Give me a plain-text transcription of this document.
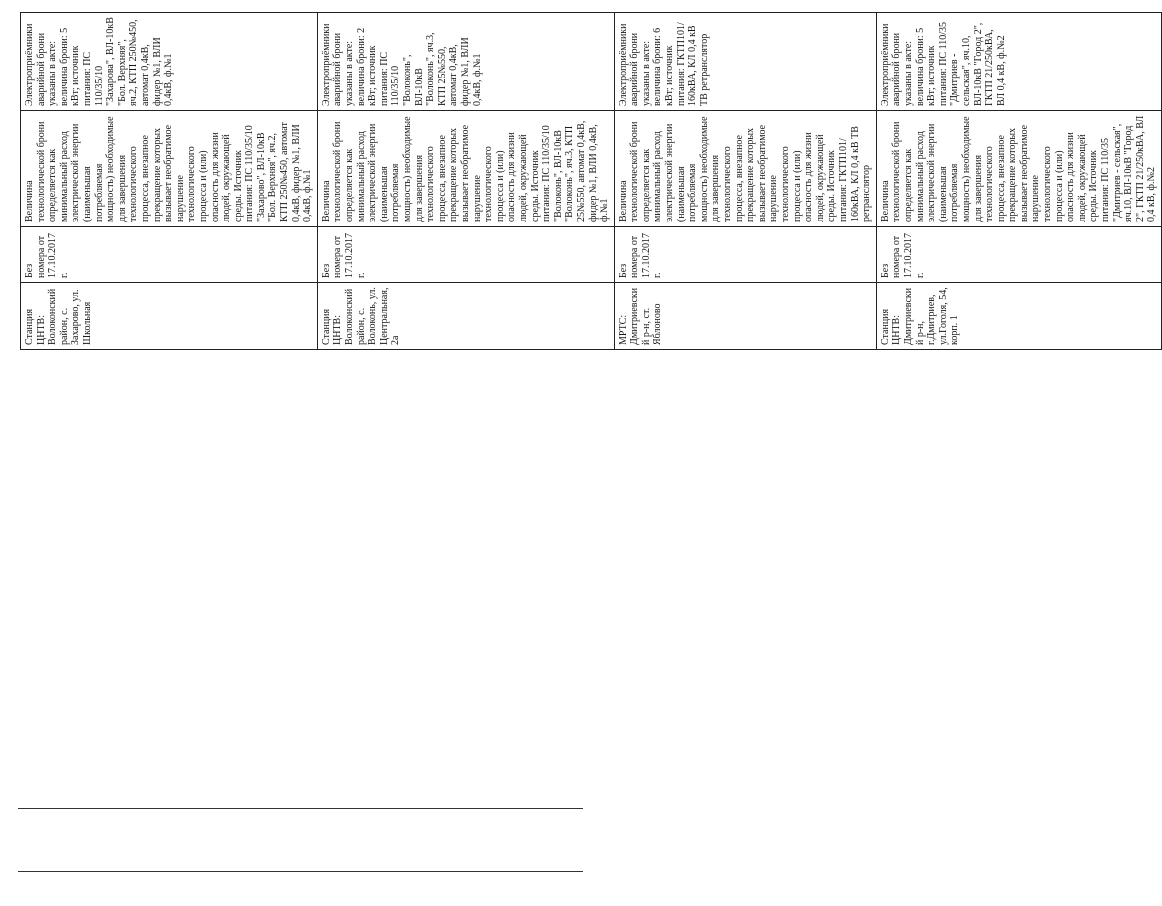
Станция ЦНТВ: Волоконский район, с. Захарово, ул. Школьная	Без номера от 17.10.2017г.	Величина технологической брони определяется как минимальный расход электрической энергии (наименьшая потребляемая мощность) необходимые для завершения технологического процесса, внезапное прекращение которых вызывает необратимое нарушение технологического процесса и (или) опасность для жизни людей, окружающей среды. Источник питания: ПС 110/35/10 "Захарово", ВЛ-10кВ "Бол. Верхняя", яч.2, КТП 250№450, автомат 0,4кВ, фидер №1, ВЛИ 0,4кВ, ф.№1	Электроприёмники аварийной брони указаны в акте: величина брони: 5 кВт; источник питания: ПС 110/35/10 "Захарова", ВЛ-10кВ "Бол. Верхняя", яч.2, КТП 250№450, автомат 0,4кВ, фидер №1, ВЛИ 0,4кВ, ф.№1
Станция ЦНТВ: Волоконский район, с. Волоконь, ул. Центральная, 2а	Без номера от 17.10.2017г.	Величина технологической брони определяется как минимальный расход электрической энергии (наименьшая потребляемая мощность) необходимые для завершения технологического процесса, внезапное прекращение которых вызывает необратимое нарушение технологического процесса и (или) опасность для жизни людей, окружающей среды. Источник питания: ПС 110/35/10 "Волоконь", ВЛ-10кВ "Волоконь", яч.3, КТП 25№550, автомат 0,4кВ, фидер №1, ВЛИ 0,4кВ, ф.№1	Электроприёмники аварийной брони указаны в акте: величина брони: 2 кВт; источник питания: ПС 110/35/10 "Волоконь", ВЛ-10кВ "Волоконь", яч.3, КТП 25№550, автомат 0,4кВ, фидер №1, ВЛИ 0,4кВ, ф.№1
МРТС: Дмитриевский р-н, ст. Яблоново	Без номера от 17.10.2017г.	Величина технологической брони определяется как минимальный расход электрической энергии (наименьшая потребляемая мощность) необходимые для завершения технологического процесса, внезапное прекращение которых вызывает необратимое нарушение технологического процесса и (или) опасность для жизни людей, окружающей среды. Источник питания: ГКТП101/ 160кВА, КЛ 0,4 кВ ТВ ретранслятор	Электроприёмники аварийной брони указаны в акте: величина брони: 6 кВт; источник питания: ГКТП101/ 160кВА, КЛ 0,4 кВ ТВ ретранслятор
Станция ЦНТВ: Дмитриевский р-н, г.Дмитриев, ул.Гоголя, 54, корп. 1	Без номера от 17.10.2017г.	Величина технологической брони определяется как минимальный расход электрической энергии (наименьшая потребляемая мощность) необходимые для завершения технологического процесса, внезапное прекращение которых вызывает необратимое нарушение технологического процесса и (или) опасность для жизни людей, окружающей среды. Источник питания: ПС 110/35 "Дмитриев - сельская", яч.10, ВЛ-10кВ "Город 2", ГКТП 21/250кВА, ВЛ 0,4 кВ, ф.№2	Электроприёмники аварийной брони указаны в акте: величина брони: 5 кВт; источник питания: ПС 110/35 "Дмитриев - сельская", яч.10, ВЛ-10кВ "Город 2", ГКТП 21/250кВА, ВЛ 0,4 кВ, ф.№2
